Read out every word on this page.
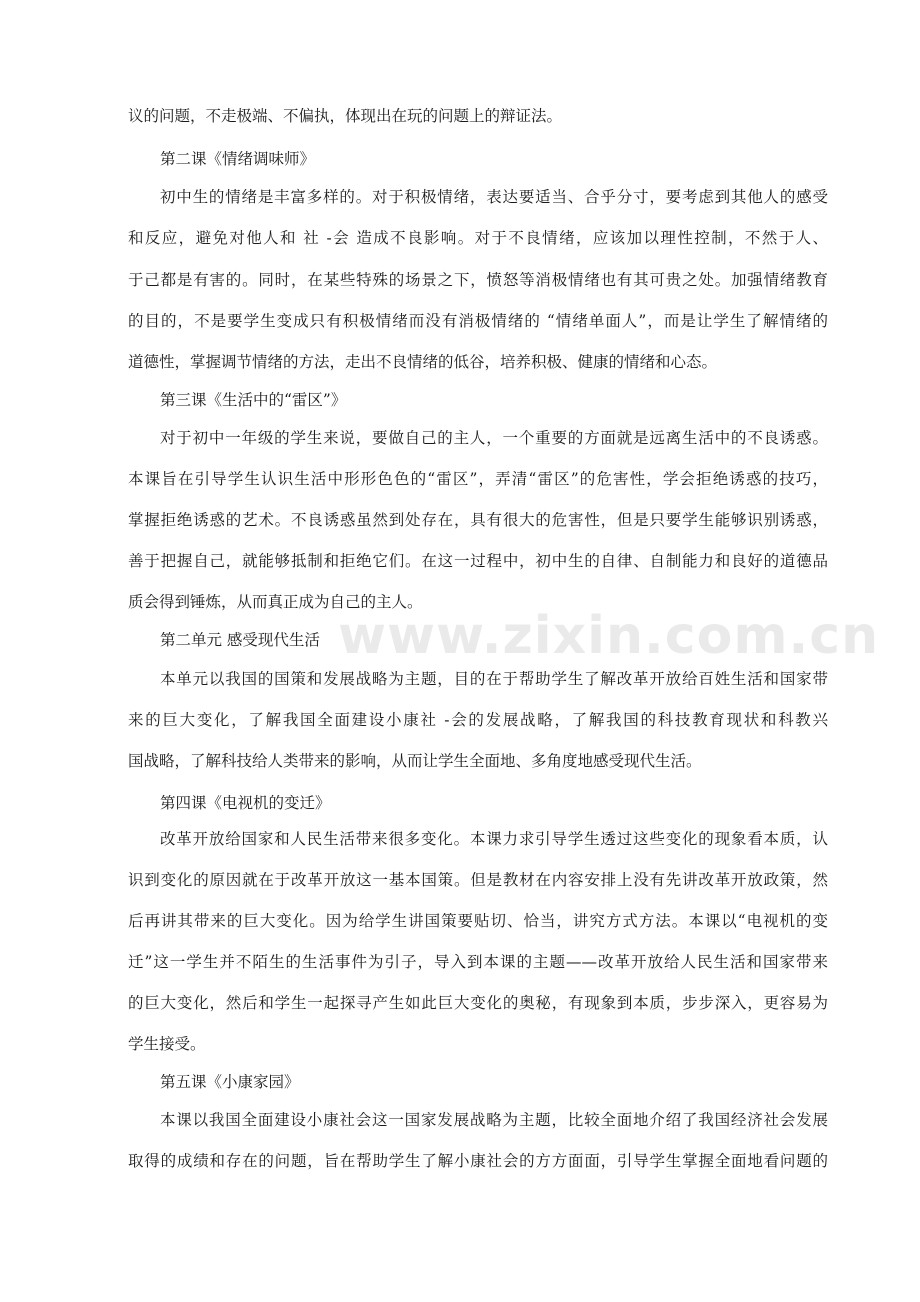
www.zixin.com.cn
议的问题，不走极端、不偏执，体现出在玩的问题上的辩证法。
第二课《情绪调味师》
初中生的情绪是丰富多样的。对于积极情绪，表达要适当、合乎分寸，要考虑到其他人的感受
和反应，避免对他人和 社 -会 造成不良影响。对于不良情绪，应该加以理性控制，不然于人、
于己都是有害的。同时，在某些特殊的场景之下，愤怒等消极情绪也有其可贵之处。加强情绪教育
的目的，不是要学生变成只有积极情绪而没有消极情绪的 “情绪单面人”，而是让学生了解情绪的
道德性，掌握调节情绪的方法，走出不良情绪的低谷，培养积极、健康的情绪和心态。
第三课《生活中的“雷区”》
对于初中一年级的学生来说，要做自己的主人，一个重要的方面就是远离生活中的不良诱惑。
本课旨在引导学生认识生活中形形色色的“雷区”，弄清“雷区”的危害性，学会拒绝诱惑的技巧，
掌握拒绝诱惑的艺术。不良诱惑虽然到处存在，具有很大的危害性，但是只要学生能够识别诱惑，
善于把握自己，就能够抵制和拒绝它们。在这一过程中，初中生的自律、自制能力和良好的道德品
质会得到锤炼，从而真正成为自己的主人。
第二单元 感受现代生活
本单元以我国的国策和发展战略为主题，目的在于帮助学生了解改革开放给百姓生活和国家带
来的巨大变化，了解我国全面建设小康社 -会的发展战略，了解我国的科技教育现状和科教兴
国战略，了解科技给人类带来的影响，从而让学生全面地、多角度地感受现代生活。
第四课《电视机的变迁》
改革开放给国家和人民生活带来很多变化。本课力求引导学生透过这些变化的现象看本质，认
识到变化的原因就在于改革开放这一基本国策。但是教材在内容安排上没有先讲改革开放政策，然
后再讲其带来的巨大变化。因为给学生讲国策要贴切、恰当，讲究方式方法。本课以“电视机的变
迁”这一学生并不陌生的生活事件为引子，导入到本课的主题——改革开放给人民生活和国家带来
的巨大变化，然后和学生一起探寻产生如此巨大变化的奥秘，有现象到本质，步步深入，更容易为
学生接受。
第五课《小康家园》
本课以我国全面建设小康社会这一国家发展战略为主题，比较全面地介绍了我国经济社会发展
取得的成绩和存在的问题，旨在帮助学生了解小康社会的方方面面，引导学生掌握全面地看问题的
